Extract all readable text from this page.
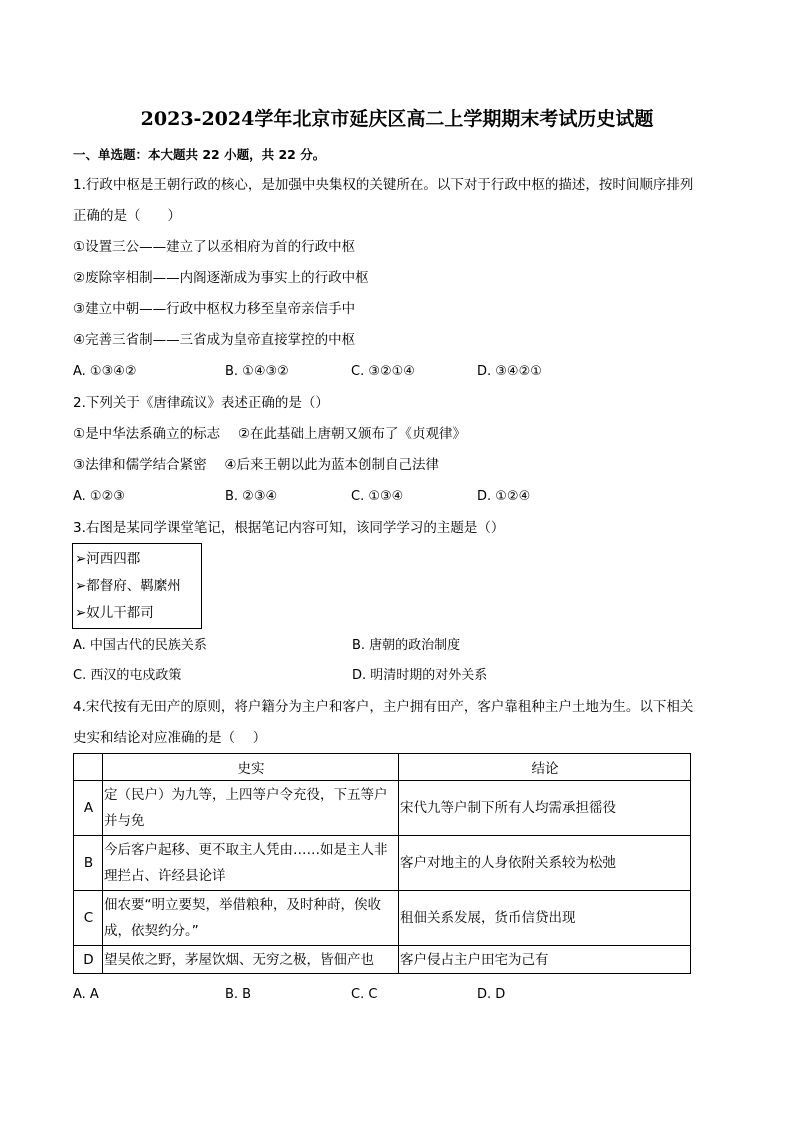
2023-2024学年北京市延庆区高二上学期期末考试历史试题
一、单选题：本大题共 22 小题，共 22 分。
1.行政中枢是王朝行政的核心，是加强中央集权的关键所在。以下对于行政中枢的描述，按时间顺序排列
正确的是（　　）
①设置三公——建立了以丞相府为首的行政中枢
②废除宰相制——内阁逐渐成为事实上的行政中枢
③建立中朝——行政中枢权力移至皇帝亲信手中
④完善三省制——三省成为皇帝直接掌控的中枢
A. ①③④②	B. ①④③②	C. ③②①④	D. ③④②①
2.下列关于《唐律疏议》表述正确的是（）
①是中华法系确立的标志　 ②在此基础上唐朝又颁布了《贞观律》
③法律和儒学结合紧密　 ④后来王朝以此为蓝本创制自己法律
A. ①②③	B. ②③④	C. ①③④	D. ①②④
3.右图是某同学课堂笔记，根据笔记内容可知，该同学学习的主题是（）
➢河西四郡
➢都督府、羁縻州
➢奴儿干都司
A. 中国古代的民族关系	B. 唐朝的政治制度
C. 西汉的屯戍政策	D. 明清时期的对外关系
4.宋代按有无田产的原则，将户籍分为主户和客户，主户拥有田产，客户靠租种主户土地为生。以下相关
史实和结论对应准确的是（　 ）
	史实	结论
A	定（民户）为九等，上四等户令充役，下五等户
并与免	宋代九等户制下所有人均需承担徭役
B	今后客户起移、更不取主人凭由……如是主人非
理拦占、许经县论详	客户对地主的人身依附关系较为松弛
C	佃农要“明立要契，举借粮种，及时种莳，俟收
成，依契约分。”	租佃关系发展，货币信贷出现
D	望吴侬之野，茅屋饮烟、无穷之极，皆佃产也	客户侵占主户田宅为己有
A. A	B. B	C. C	D. D
